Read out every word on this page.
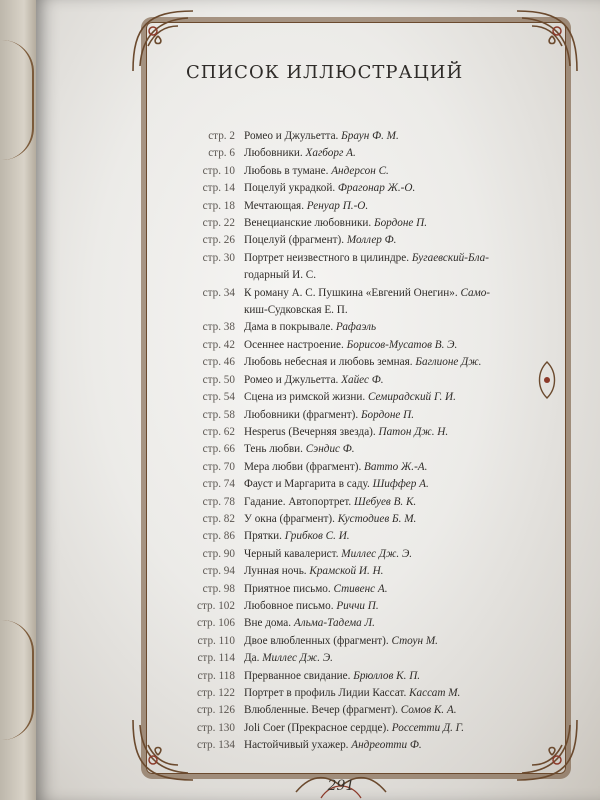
СПИСОК ИЛЛЮСТРАЦИЙ
стр. 2 Ромео и Джульетта. Браун Ф. М.
стр. 6 Любовники. Хагборг А.
стр. 10 Любовь в тумане. Андерсон С.
стр. 14 Поцелуй украдкой. Фрагонар Ж.-О.
стр. 18 Мечтающая. Ренуар П.-О.
стр. 22 Венецианские любовники. Бордоне П.
стр. 26 Поцелуй (фрагмент). Моллер Ф.
стр. 30 Портрет неизвестного в цилиндре. Бугаевский-Бла-
годарный И. С.
стр. 34 К роману А. С. Пушкина «Евгений Онегин». Само-
киш-Судковская Е. П.
стр. 38 Дама в покрывале. Рафаэль
стр. 42 Осеннее настроение. Борисов-Мусатов В. Э.
стр. 46 Любовь небесная и любовь земная. Баглионе Дж.
стр. 50 Ромео и Джульетта. Хайес Ф.
стр. 54 Сцена из римской жизни. Семирадский Г. И.
стр. 58 Любовники (фрагмент). Бордоне П.
стр. 62 Hesperus (Вечерняя звезда). Патон Дж. Н.
стр. 66 Тень любви. Сэндис Ф.
стр. 70 Мера любви (фрагмент). Ватто Ж.-А.
стр. 74 Фауст и Маргарита в саду. Шиффер А.
стр. 78 Гадание. Автопортрет. Шебуев В. К.
стр. 82 У окна (фрагмент). Кустодиев Б. М.
стр. 86 Прятки. Грибков С. И.
стр. 90 Черный кавалерист. Миллес Дж. Э.
стр. 94 Лунная ночь. Крамской И. Н.
стр. 98 Приятное письмо. Стивенс А.
стр. 102 Любовное письмо. Риччи П.
стр. 106 Вне дома. Альма-Тадема Л.
стр. 110 Двое влюбленных (фрагмент). Стоун М.
стр. 114 Да. Миллес Дж. Э.
стр. 118 Прерванное свидание. Брюллов К. П.
стр. 122 Портрет в профиль Лидии Кассат. Кассат М.
стр. 126 Влюбленные. Вечер (фрагмент). Сомов К. А.
стр. 130 Joli Coer (Прекрасное сердце). Россетти Д. Г.
стр. 134 Настойчивый ухажер. Андреотти Ф.
291
